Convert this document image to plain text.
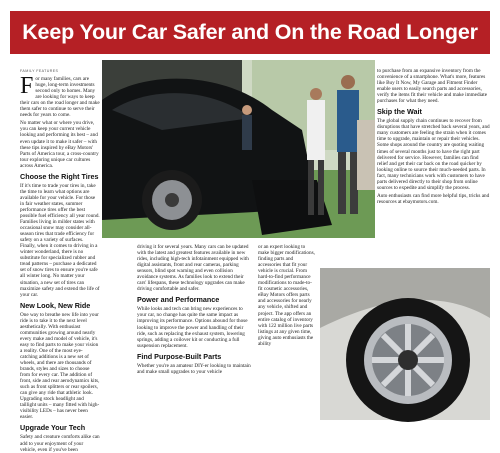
Keep Your Car Safer and On the Road Longer
FAMILY FEATURES

For many families, cars are huge, long-term investments second only to homes. Many are looking for ways to keep their cars on the road longer and make them safer to continue to serve their needs for years to come.

No matter what or where you drive, you can keep your current vehicle looking and performing its best – and even update it to make it safer – with these tips inspired by eBay Motors' Parts of America tour, a cross-country tour exploring unique car cultures across America.

Choose the Right Tires

If it's time to trade your tires in, take the time to learn what options are available for your vehicle. For those in fair weather states, summer performance tires offer the best possible fuel efficiency all year round. Families living in milder states with occasional snow may consider all-season tires that trade efficiency for safety on a variety of surfaces. Finally, when it comes to driving in a winter wonderland, there is no substitute for specialized rubber and tread patterns – purchase a dedicated set of snow tires to ensure you're safe all winter long. No matter your situation, a new set of tires can maximize safety and extend the life of your car.

New Look, New Ride

One way to breathe new life into your ride is to take it to the next level aesthetically. With enthusiast communities growing around nearly every make and model of vehicle, it's easy to find parts to make your vision a reality. One of the most eye-catching additions is a new set of wheels, and there are thousands of brands, styles and sizes to choose from for every car. The addition of front, side and rear aerodynamics kits, such as front splitters or rear spoilers, can give any ride that athletic look. Upgrading stock headlight and taillight units – many fitted with high-visibility LEDs – has never been easier.

Upgrade Your Tech

Safety and creature comforts alike can add to your enjoyment of your vehicle, even if you've been

to purchase from an expansive inventory from the convenience of a smartphone. What's more, features like Buy It Now, My Garage and Fitment Finder enable users to easily search parts and accessories, verify the items fit their vehicle and make immediate purchases for what they need.

Skip the Wait

The global supply chain continues to recover from disruptions that have stretched back several years, and many customers are feeling the strain when it comes time to upgrade, maintain or repair their vehicles. Some shops around the country are quoting waiting times of several months just to have the right part delivered for service. However, families can find relief and get their car back on the road quicker by looking online to source their much-needed parts. In fact, many technicians work with customers to have parts delivered directly to their shop from online sources to expedite and simplify the process.

Auto enthusiasts can find more helpful tips, tricks and resources at ebaymotors.com.

driving it for several years. Many cars can be updated with the latest and greatest features available in new rides, including high-tech infotainment equipped with digital assistants, front and rear cameras, parking sensors, blind spot warning and even collision avoidance systems. As families look to extend their cars' lifespans, these technology upgrades can make driving comfortable and safer.

Power and Performance

While looks and tech can bring new experiences to your car, no change has quite the same impact as improving its performance. Options abound for those looking to improve the power and handling of their ride, such as replacing the exhaust system, lowering springs, adding a coilover kit or conducting a full suspension replacement.

Find Purpose-Built Parts

Whether you're an amateur DIY-er looking to maintain and make small upgrades to your vehicle

or an expert looking to make bigger modifications, finding parts and accessories that fit your vehicle is crucial. From hard-to-find performance modifications to made-to-fit cosmetic accessories, eBay Motors offers parts and accessories for nearly any vehicle, shifted and project. The app offers an entire catalog of inventory with 122 million live parts listings at any given time, giving auto enthusiasts the ability
